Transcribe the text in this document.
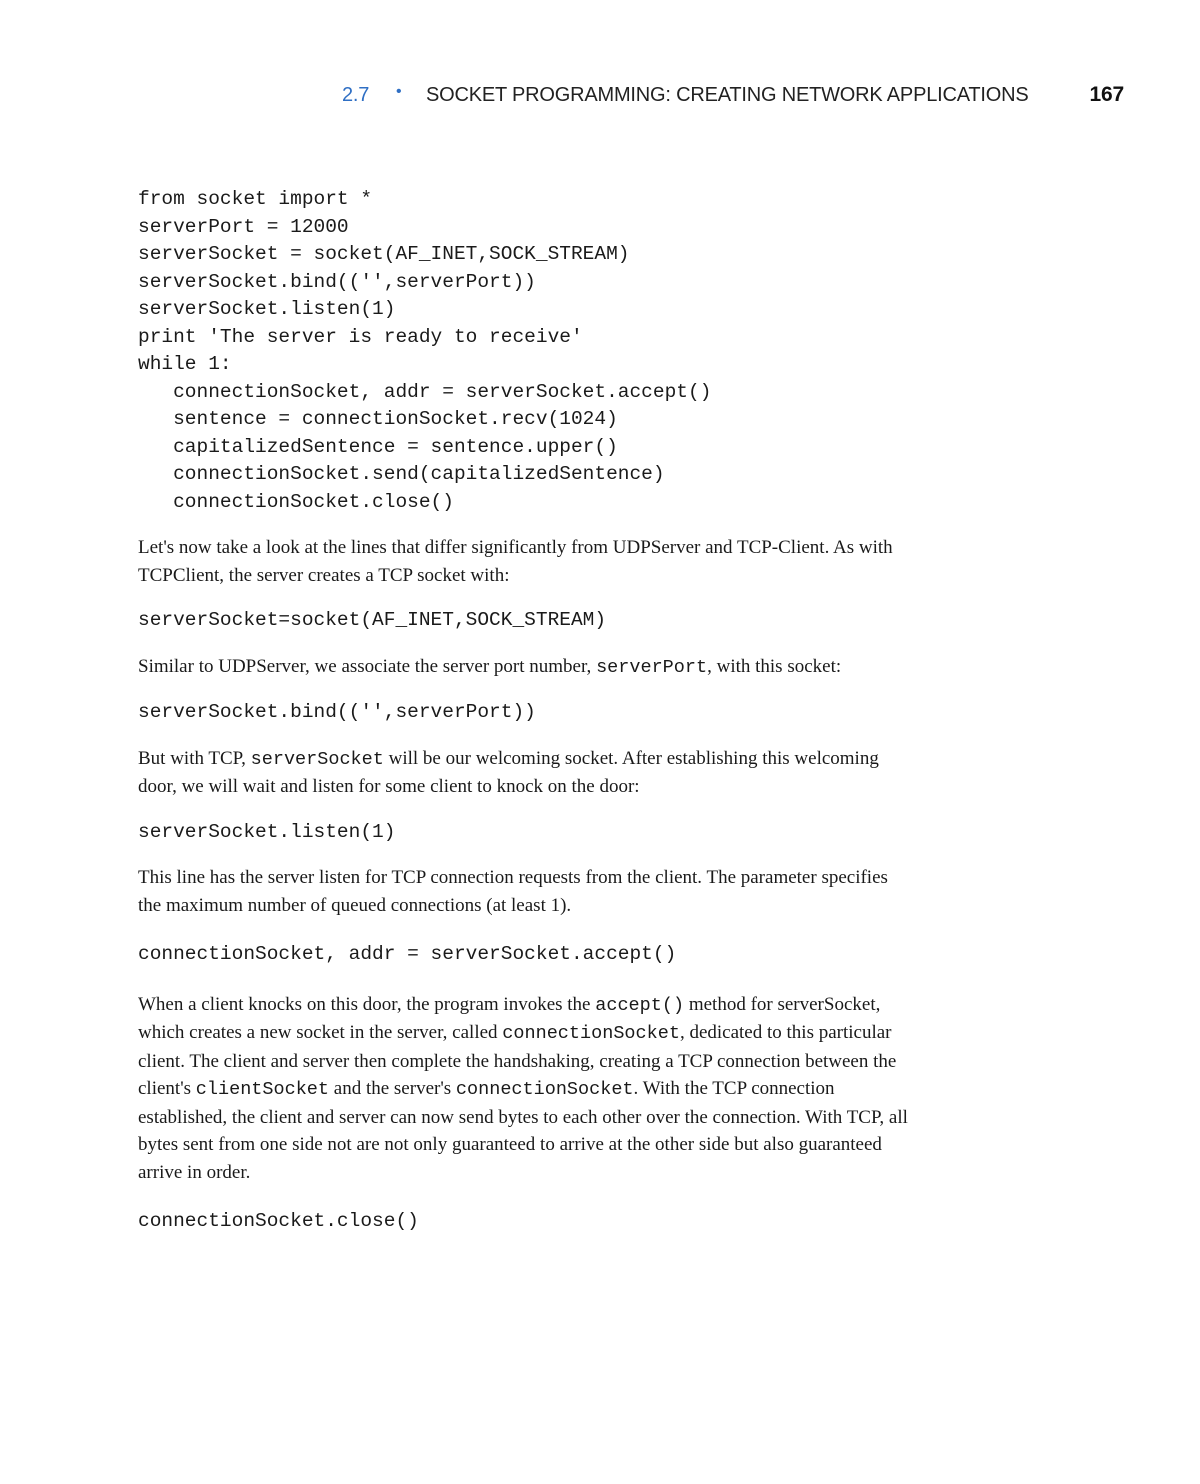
2.7 • SOCKET PROGRAMMING: CREATING NETWORK APPLICATIONS	167
from socket import *
serverPort = 12000
serverSocket = socket(AF_INET,SOCK_STREAM)
serverSocket.bind(('',serverPort))
serverSocket.listen(1)
print 'The server is ready to receive'
while 1:
connectionSocket, addr = serverSocket.accept()
sentence = connectionSocket.recv(1024)
capitalizedSentence = sentence.upper()
connectionSocket.send(capitalizedSentence)
connectionSocket.close()

Let's now take a look at the lines that differ significantly from UDPServer and TCP-Client. As with TCPClient, the server creates a TCP socket with:

serverSocket=socket(AF_INET,SOCK_STREAM)

Similar to UDPServer, we associate the server port number, serverPort, with this socket:

serverSocket.bind(('',serverPort))

But with TCP, serverSocket will be our welcoming socket. After establishing this welcoming door, we will wait and listen for some client to knock on the door:

serverSocket.listen(1)

This line has the server listen for TCP connection requests from the client. The parameter specifies the maximum number of queued connections (at least 1).

connectionSocket, addr = serverSocket.accept()

When a client knocks on this door, the program invokes the accept() method for serverSocket, which creates a new socket in the server, called connectionSocket, dedicated to this particular client. The client and server then complete the handshaking, creating a TCP connection between the client's clientSocket and the server's connectionSocket. With the TCP connection established, the client and server can now send bytes to each other over the connection. With TCP, all bytes sent from one side not are not only guaranteed to arrive at the other side but also guaranteed arrive in order.

connectionSocket.close()
